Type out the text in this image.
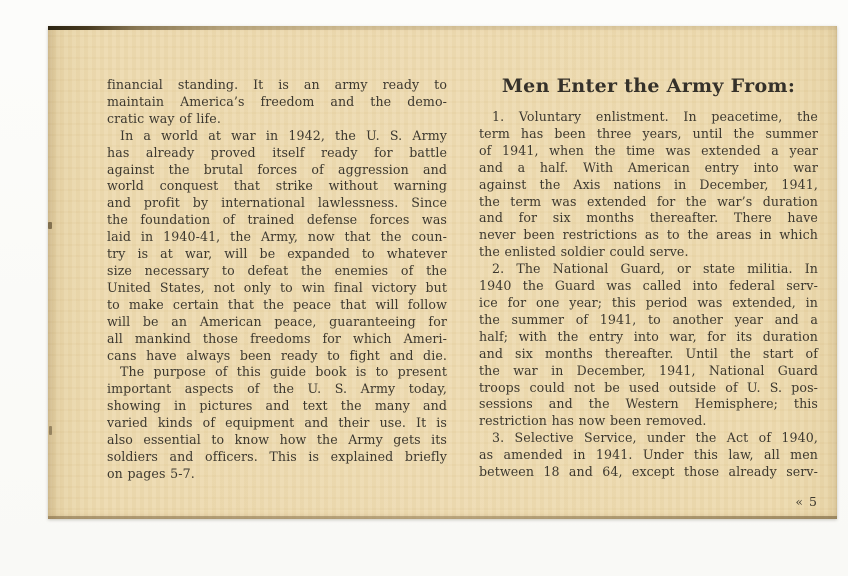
financial standing. It is an army ready to
maintain America’s freedom and the demo-
cratic way of life.
In a world at war in 1942, the U. S. Army
has already proved itself ready for battle
against the brutal forces of aggression and
world conquest that strike without warning
and profit by international lawlessness. Since
the foundation of trained defense forces was
laid in 1940-41, the Army, now that the coun-
try is at war, will be expanded to whatever
size necessary to defeat the enemies of the
United States, not only to win final victory but
to make certain that the peace that will follow
will be an American peace, guaranteeing for
all mankind those freedoms for which Ameri-
cans have always been ready to fight and die.
The purpose of this guide book is to present
important aspects of the U. S. Army today,
showing in pictures and text the many and
varied kinds of equipment and their use. It is
also essential to know how the Army gets its
soldiers and officers. This is explained briefly
on pages 5-7.
Men Enter the Army From:
1. Voluntary enlistment. In peacetime, the
term has been three years, until the summer
of 1941, when the time was extended a year
and a half. With American entry into war
against the Axis nations in December, 1941,
the term was extended for the war’s duration
and for six months thereafter. There have
never been restrictions as to the areas in which
the enlisted soldier could serve.
2. The National Guard, or state militia. In
1940 the Guard was called into federal serv-
ice for one year; this period was extended, in
the summer of 1941, to another year and a
half; with the entry into war, for its duration
and six months thereafter. Until the start of
the war in December, 1941, National Guard
troops could not be used outside of U. S. pos-
sessions and the Western Hemisphere; this
restriction has now been removed.
3. Selective Service, under the Act of 1940,
as amended in 1941. Under this law, all men
between 18 and 64, except those already serv-
« 5
